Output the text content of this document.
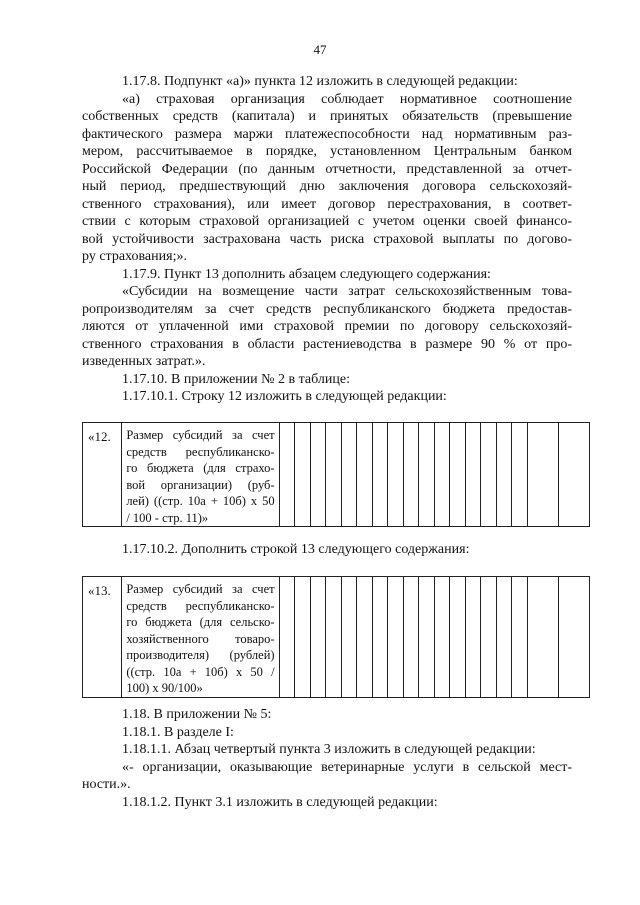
47
1.17.8. Подпункт «а)» пункта 12 изложить в следующей редакции:
«а) страховая организация соблюдает нормативное соотношение
собственных средств (капитала) и принятых обязательств (превышение
фактического размера маржи платежеспособности над нормативным раз-
мером, рассчитываемое в порядке, установленном Центральным банком
Российской Федерации (по данным отчетности, представленной за отчет-
ный период, предшествующий дню заключения договора сельскохозяй-
ственного страхования), или имеет договор перестрахования, в соответ-
ствии с которым страховой организацией с учетом оценки своей финансо-
вой устойчивости застрахована часть риска страховой выплаты по догово-
ру страхования;».
1.17.9. Пункт 13 дополнить абзацем следующего содержания:
«Субсидии на возмещение части затрат сельскохозяйственным това-
ропроизводителям за счет средств республиканского бюджета предостав-
ляются от уплаченной ими страховой премии по договору сельскохозяй-
ственного страхования в области растениеводства в размере 90 % от про-
изведенных затрат.».
1.17.10. В приложении № 2 в таблице:
1.17.10.1. Строку 12 изложить в следующей редакции:
«12.	Размер субсидий за счет
средств республиканско-
го бюджета (для страхо-
вой организации) (руб-
лей) ((стр. 10а + 10б) х 50
/ 100 - стр. 11)»

1.17.10.2. Дополнить строкой 13 следующего содержания:
«13.	Размер субсидий за счет
средств республиканско-
го бюджета (для сельско-
хозяйственного товаро-
производителя) (рублей)
((стр. 10а + 10б) х 50 /
100) х 90/100»

1.18. В приложении № 5:
1.18.1. В разделе I:
1.18.1.1. Абзац четвертый пункта 3 изложить в следующей редакции:
«- организации, оказывающие ветеринарные услуги в сельской мест-
ности.».
1.18.1.2. Пункт 3.1 изложить в следующей редакции:
